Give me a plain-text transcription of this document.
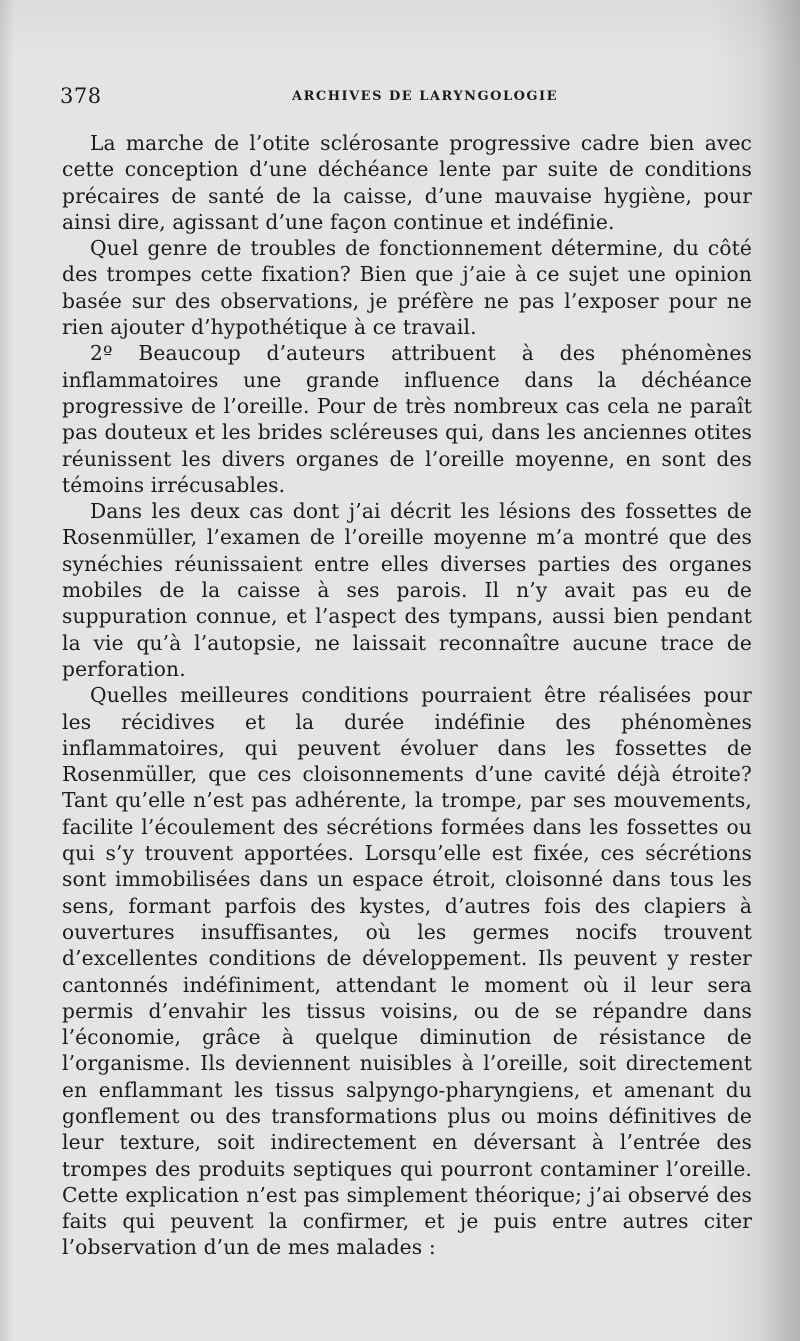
378	ARCHIVES DE LARYNGOLOGIE

La marche de l’otite sclérosante progressive cadre bien avec cette conception d’une déchéance lente par suite de conditions précaires de santé de la caisse, d’une mauvaise hygiène, pour ainsi dire, agissant d’une façon continue et indéfinie.

Quel genre de troubles de fonctionnement détermine, du côté des trompes cette fixation? Bien que j’aie à ce sujet une opinion basée sur des observations, je préfère ne pas l’exposer pour ne rien ajouter d’hypothétique à ce travail.

2º Beaucoup d’auteurs attribuent à des phénomènes inflammatoires une grande influence dans la déchéance progressive de l’oreille. Pour de très nombreux cas cela ne paraît pas douteux et les brides scléreuses qui, dans les anciennes otites réunissent les divers organes de l’oreille moyenne, en sont des témoins irrécusables.

Dans les deux cas dont j’ai décrit les lésions des fossettes de Rosenmüller, l’examen de l’oreille moyenne m’a montré que des synéchies réunissaient entre elles diverses parties des organes mobiles de la caisse à ses parois. Il n’y avait pas eu de suppuration connue, et l’aspect des tympans, aussi bien pendant la vie qu’à l’autopsie, ne laissait reconnaître aucune trace de perforation.

Quelles meilleures conditions pourraient être réalisées pour les récidives et la durée indéfinie des phénomènes inflammatoires, qui peuvent évoluer dans les fossettes de Rosenmüller, que ces cloisonnements d’une cavité déjà étroite? Tant qu’elle n’est pas adhérente, la trompe, par ses mouvements, facilite l’écoulement des sécrétions formées dans les fossettes ou qui s’y trouvent apportées. Lorsqu’elle est fixée, ces sécrétions sont immobilisées dans un espace étroit, cloisonné dans tous les sens, formant parfois des kystes, d’autres fois des clapiers à ouvertures insuffisantes, où les germes nocifs trouvent d’excellentes conditions de développement. Ils peuvent y rester cantonnés indéfiniment, attendant le moment où il leur sera permis d’envahir les tissus voisins, ou de se répandre dans l’économie, grâce à quelque diminution de résistance de l’organisme. Ils deviennent nuisibles à l’oreille, soit directement en enflammant les tissus salpyngo-pharyngiens, et amenant du gonflement ou des transformations plus ou moins définitives de leur texture, soit indirectement en déversant à l’entrée des trompes des produits septiques qui pourront contaminer l’oreille. Cette explication n’est pas simplement théorique; j’ai observé des faits qui peuvent la confirmer, et je puis entre autres citer l’observation d’un de mes malades :
